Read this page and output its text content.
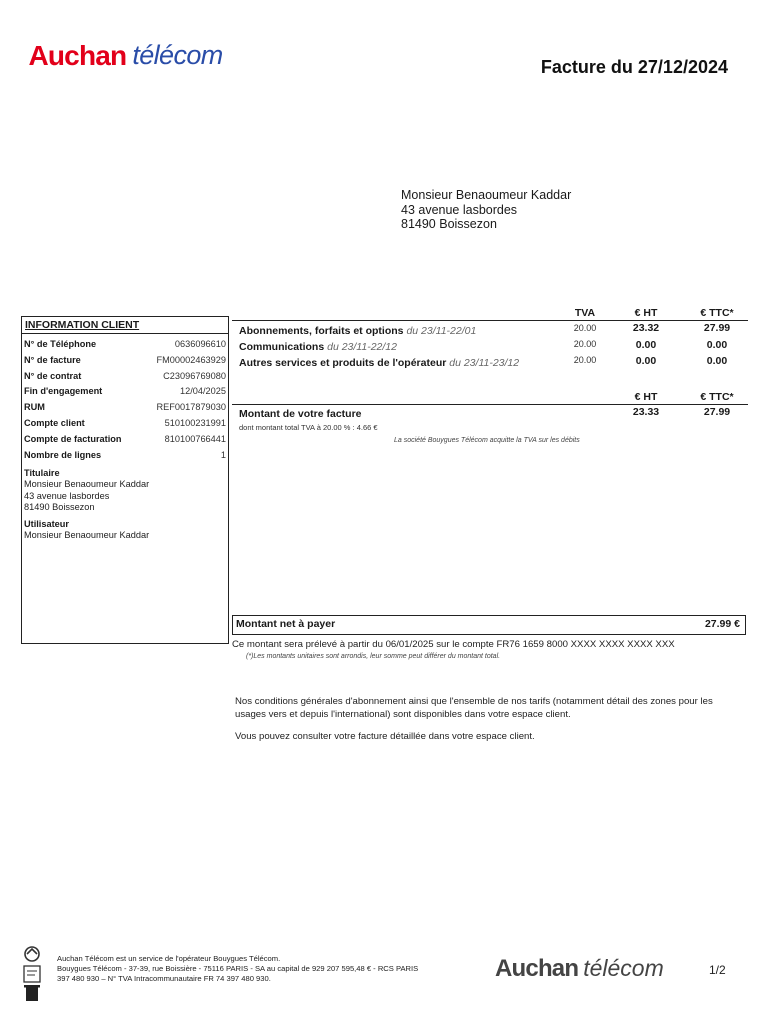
Auchan télécom	Facture du 27/12/2024
Monsieur Benaoumeur Kaddar
43 avenue lasbordes
81490 Boissezon
INFORMATION CLIENT
N° de Téléphone	0636096610
N° de facture	FM00002463929
N° de contrat	C23096769080
Fin d'engagement	12/04/2025
RUM	REF0017879030
Compte client	510100231991
Compte de facturation	810100766441
Nombre de lignes	1
Titulaire
Monsieur Benaoumeur Kaddar
43 avenue lasbordes
81490 Boissezon
Utilisateur
Monsieur Benaoumeur Kaddar
TVA	€ HT	€ TTC*
Abonnements, forfaits et options du 23/11-22/01	20.00	23.32	27.99
Communications du 23/11-22/12	20.00	0.00	0.00
Autres services et produits de l'opérateur du 23/11-23/12	20.00	0.00	0.00
€ HT	€ TTC*
Montant de votre facture	23.33	27.99
dont montant total TVA à 20.00 % : 4.66 €
La société Bouygues Télécom acquitte la TVA sur les débits
Montant net à payer	27.99 €
Ce montant sera prélevé à partir du 06/01/2025 sur le compte FR76 1659 8000 XXXX XXXX XXXX XXX
(*)Les montants unitaires sont arrondis, leur somme peut différer du montant total.
Nos conditions générales d'abonnement ainsi que l'ensemble de nos tarifs (notamment détail des zones pour les usages vers et depuis l'international) sont disponibles dans votre espace client.
Vous pouvez consulter votre facture détaillée dans votre espace client.
Auchan Télécom est un service de l'opérateur Bouygues Télécom.
Bouygues Télécom - 37-39, rue Boissière - 75116 PARIS - SA au capital de 929 207 595,48 € - RCS PARIS
397 480 930 – N° TVA Intracommunautaire FR 74 397 480 930.	Auchan télécom	1/2
